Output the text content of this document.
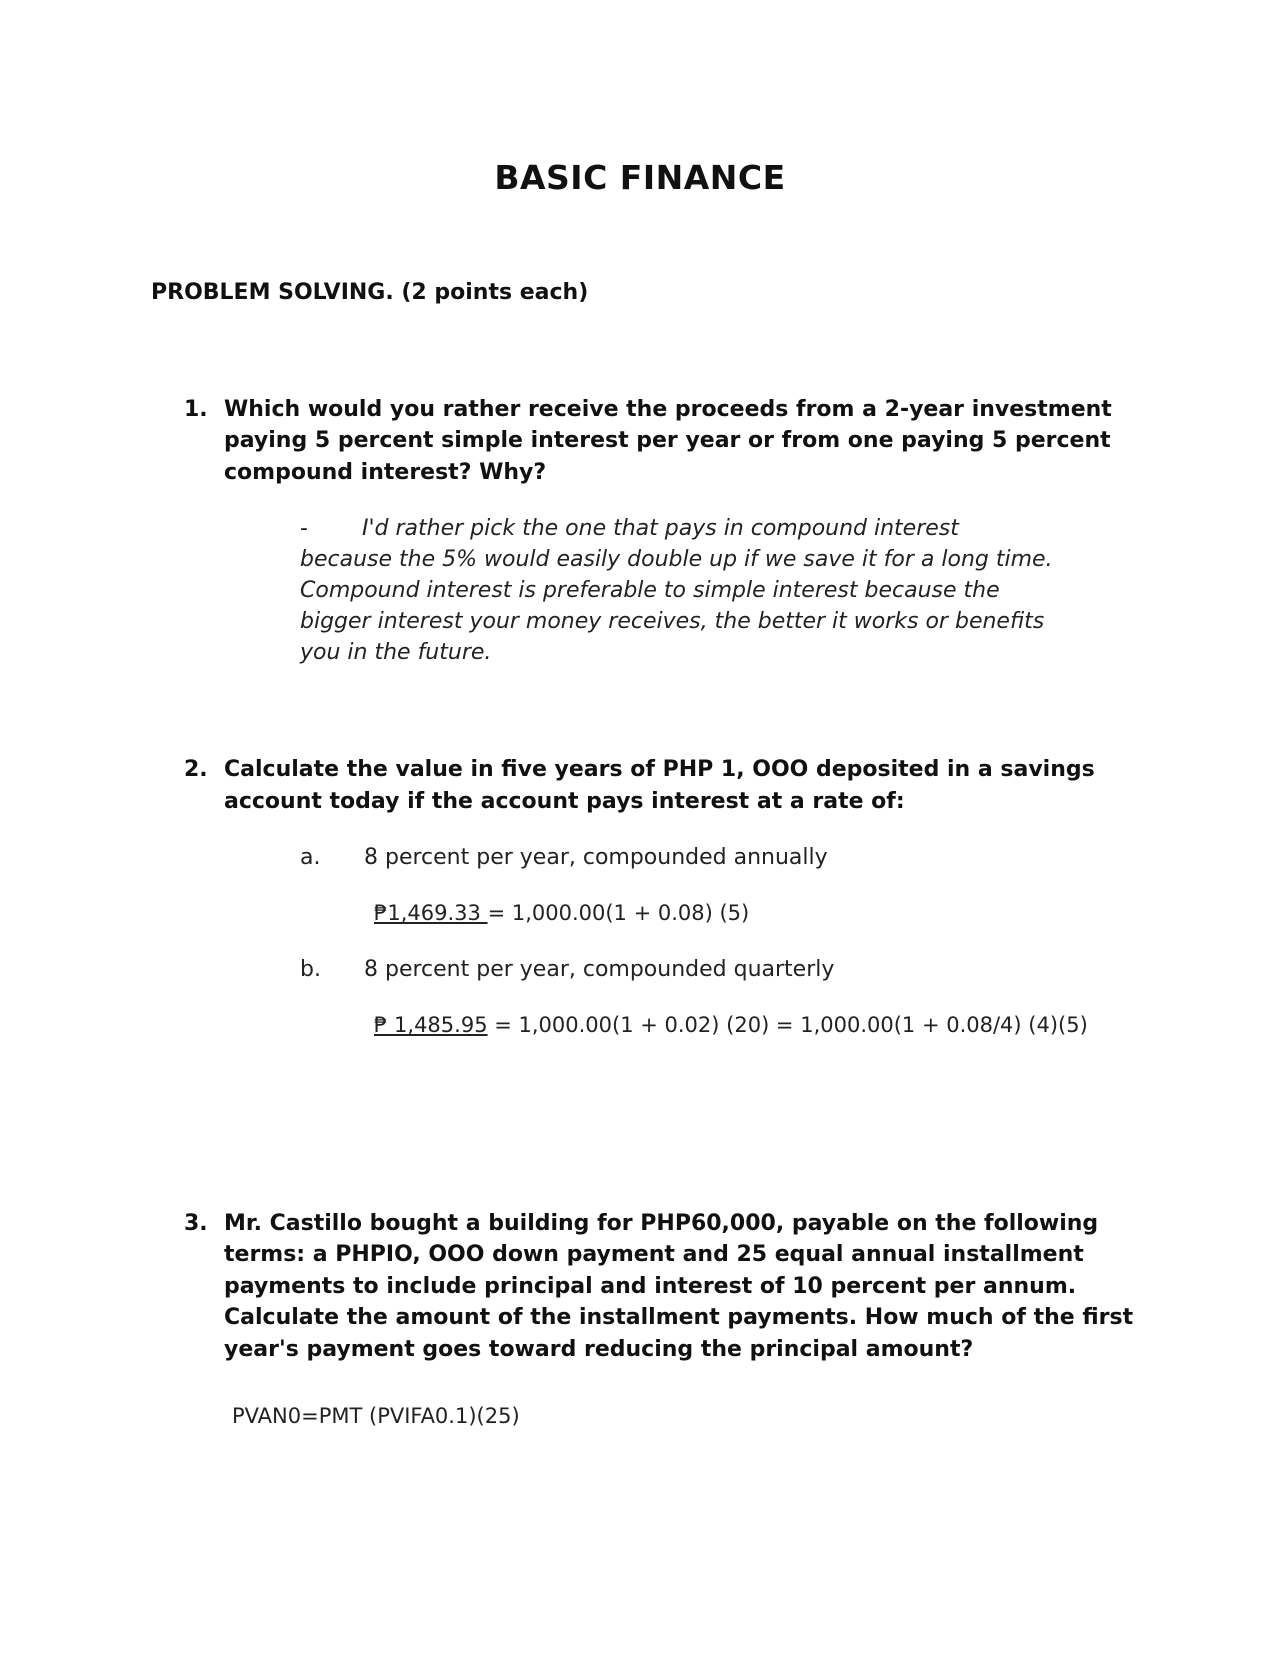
BASIC FINANCE
PROBLEM SOLVING. (2 points each)
1. Which would you rather receive the proceeds from a 2-year investment
paying 5 percent simple interest per year or from one paying 5 percent
compound interest? Why?
- I'd rather pick the one that pays in compound interest
because the 5% would easily double up if we save it for a long time.
Compound interest is preferable to simple interest because the
bigger interest your money receives, the better it works or benefits
you in the future.
2. Calculate the value in five years of PHP 1, OOO deposited in a savings
account today if the account pays interest at a rate of:
a. 8 percent per year, compounded annually
₱1,469.33 = 1,000.00(1 + 0.08) (5)
b. 8 percent per year, compounded quarterly
₱ 1,485.95 = 1,000.00(1 + 0.02) (20) = 1,000.00(1 + 0.08/4) (4)(5)
3. Mr. Castillo bought a building for PHP60,000, payable on the following
terms: a PHPIO, OOO down payment and 25 equal annual installment
payments to include principal and interest of 10 percent per annum.
Calculate the amount of the installment payments. How much of the first
year's payment goes toward reducing the principal amount?
PVAN0=PMT (PVIFA0.1)(25)
